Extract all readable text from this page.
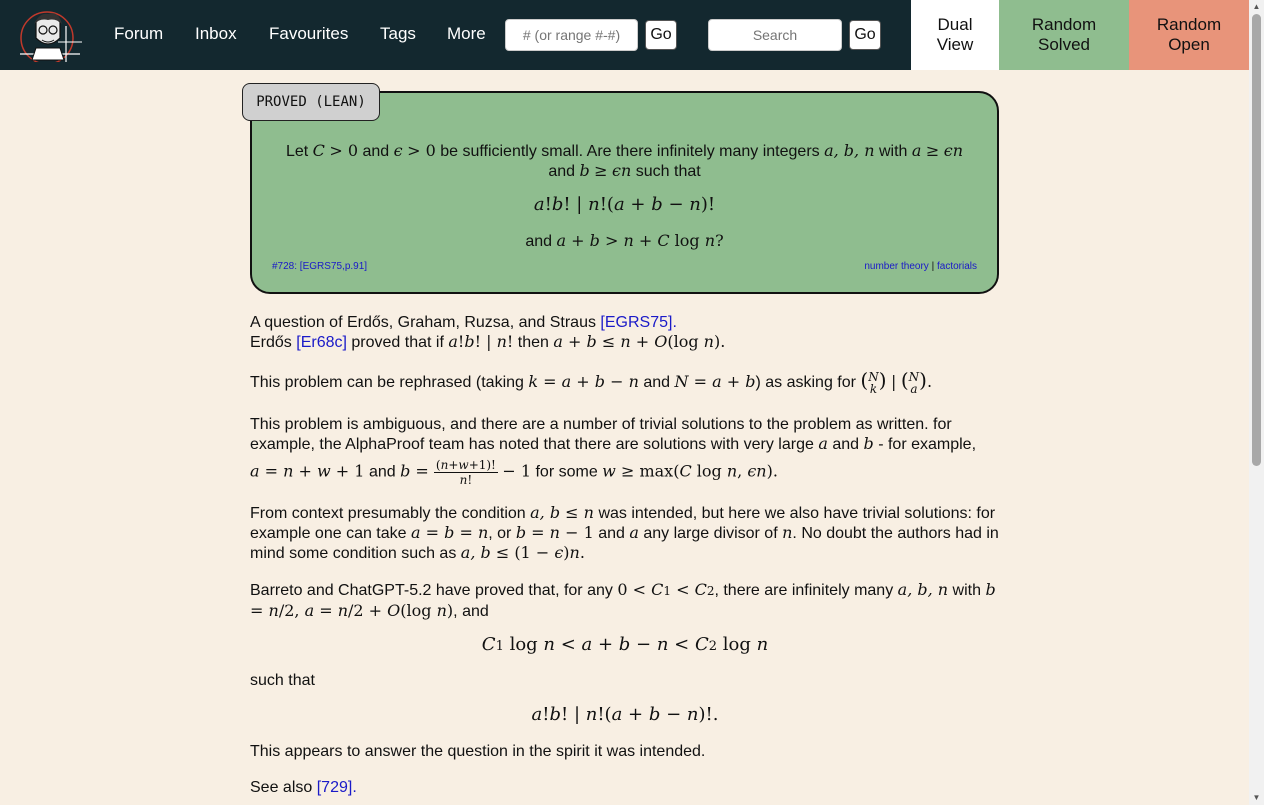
Forum Inbox Favourites Tags More
# (or range #-#)	Go
Search	Go
Dual
View
Random
Solved
Random
Open
PROVED (LEAN)
Let C > 0 and ϵ > 0 be sufficiently small. Are there infinitely many integers a, b, n with a ≥ ϵn
and b ≥ ϵn such that
a!b! | n!(a + b − n)!
and a + b > n + C log n?
#728: [EGRS75,p.91]	number theory | factorials
A question of Erdős, Graham, Ruzsa, and Straus [EGRS75].
Erdős [Er68c] proved that if a!b! | n! then a + b ≤ n + O(log n).
This problem can be rephrased (taking k = a + b − n and N = a + b) as asking for (N
k) | (N
a).
This problem is ambiguous, and there are a number of trivial solutions to the problem as written. for example, the AlphaProof team has noted that there are solutions with very large a and b - for example,
a = n + w + 1 and $b = \frac{(n+w+1)!}{n!} - 1$ for some w ≥ max(C log n, ϵn).
From context presumably the condition a, b ≤ n was intended, but here we also have trivial solutions: for example one can take a = b = n, or b = n − 1 and a any large divisor of n. No doubt the authors had in mind some condition such as a, b ≤ (1 − ϵ)n.
Barreto and ChatGPT-5.2 have proved that, for any 0 < C1 < C2, there are infinitely many a, b, n with b = n/2, a = n/2 + O(log n), and
C1 log n < a + b − n < C2 log n
such that
a!b! | n!(a + b − n)!.
This appears to answer the question in the spirit it was intended.
See also [729].
▲
▼
